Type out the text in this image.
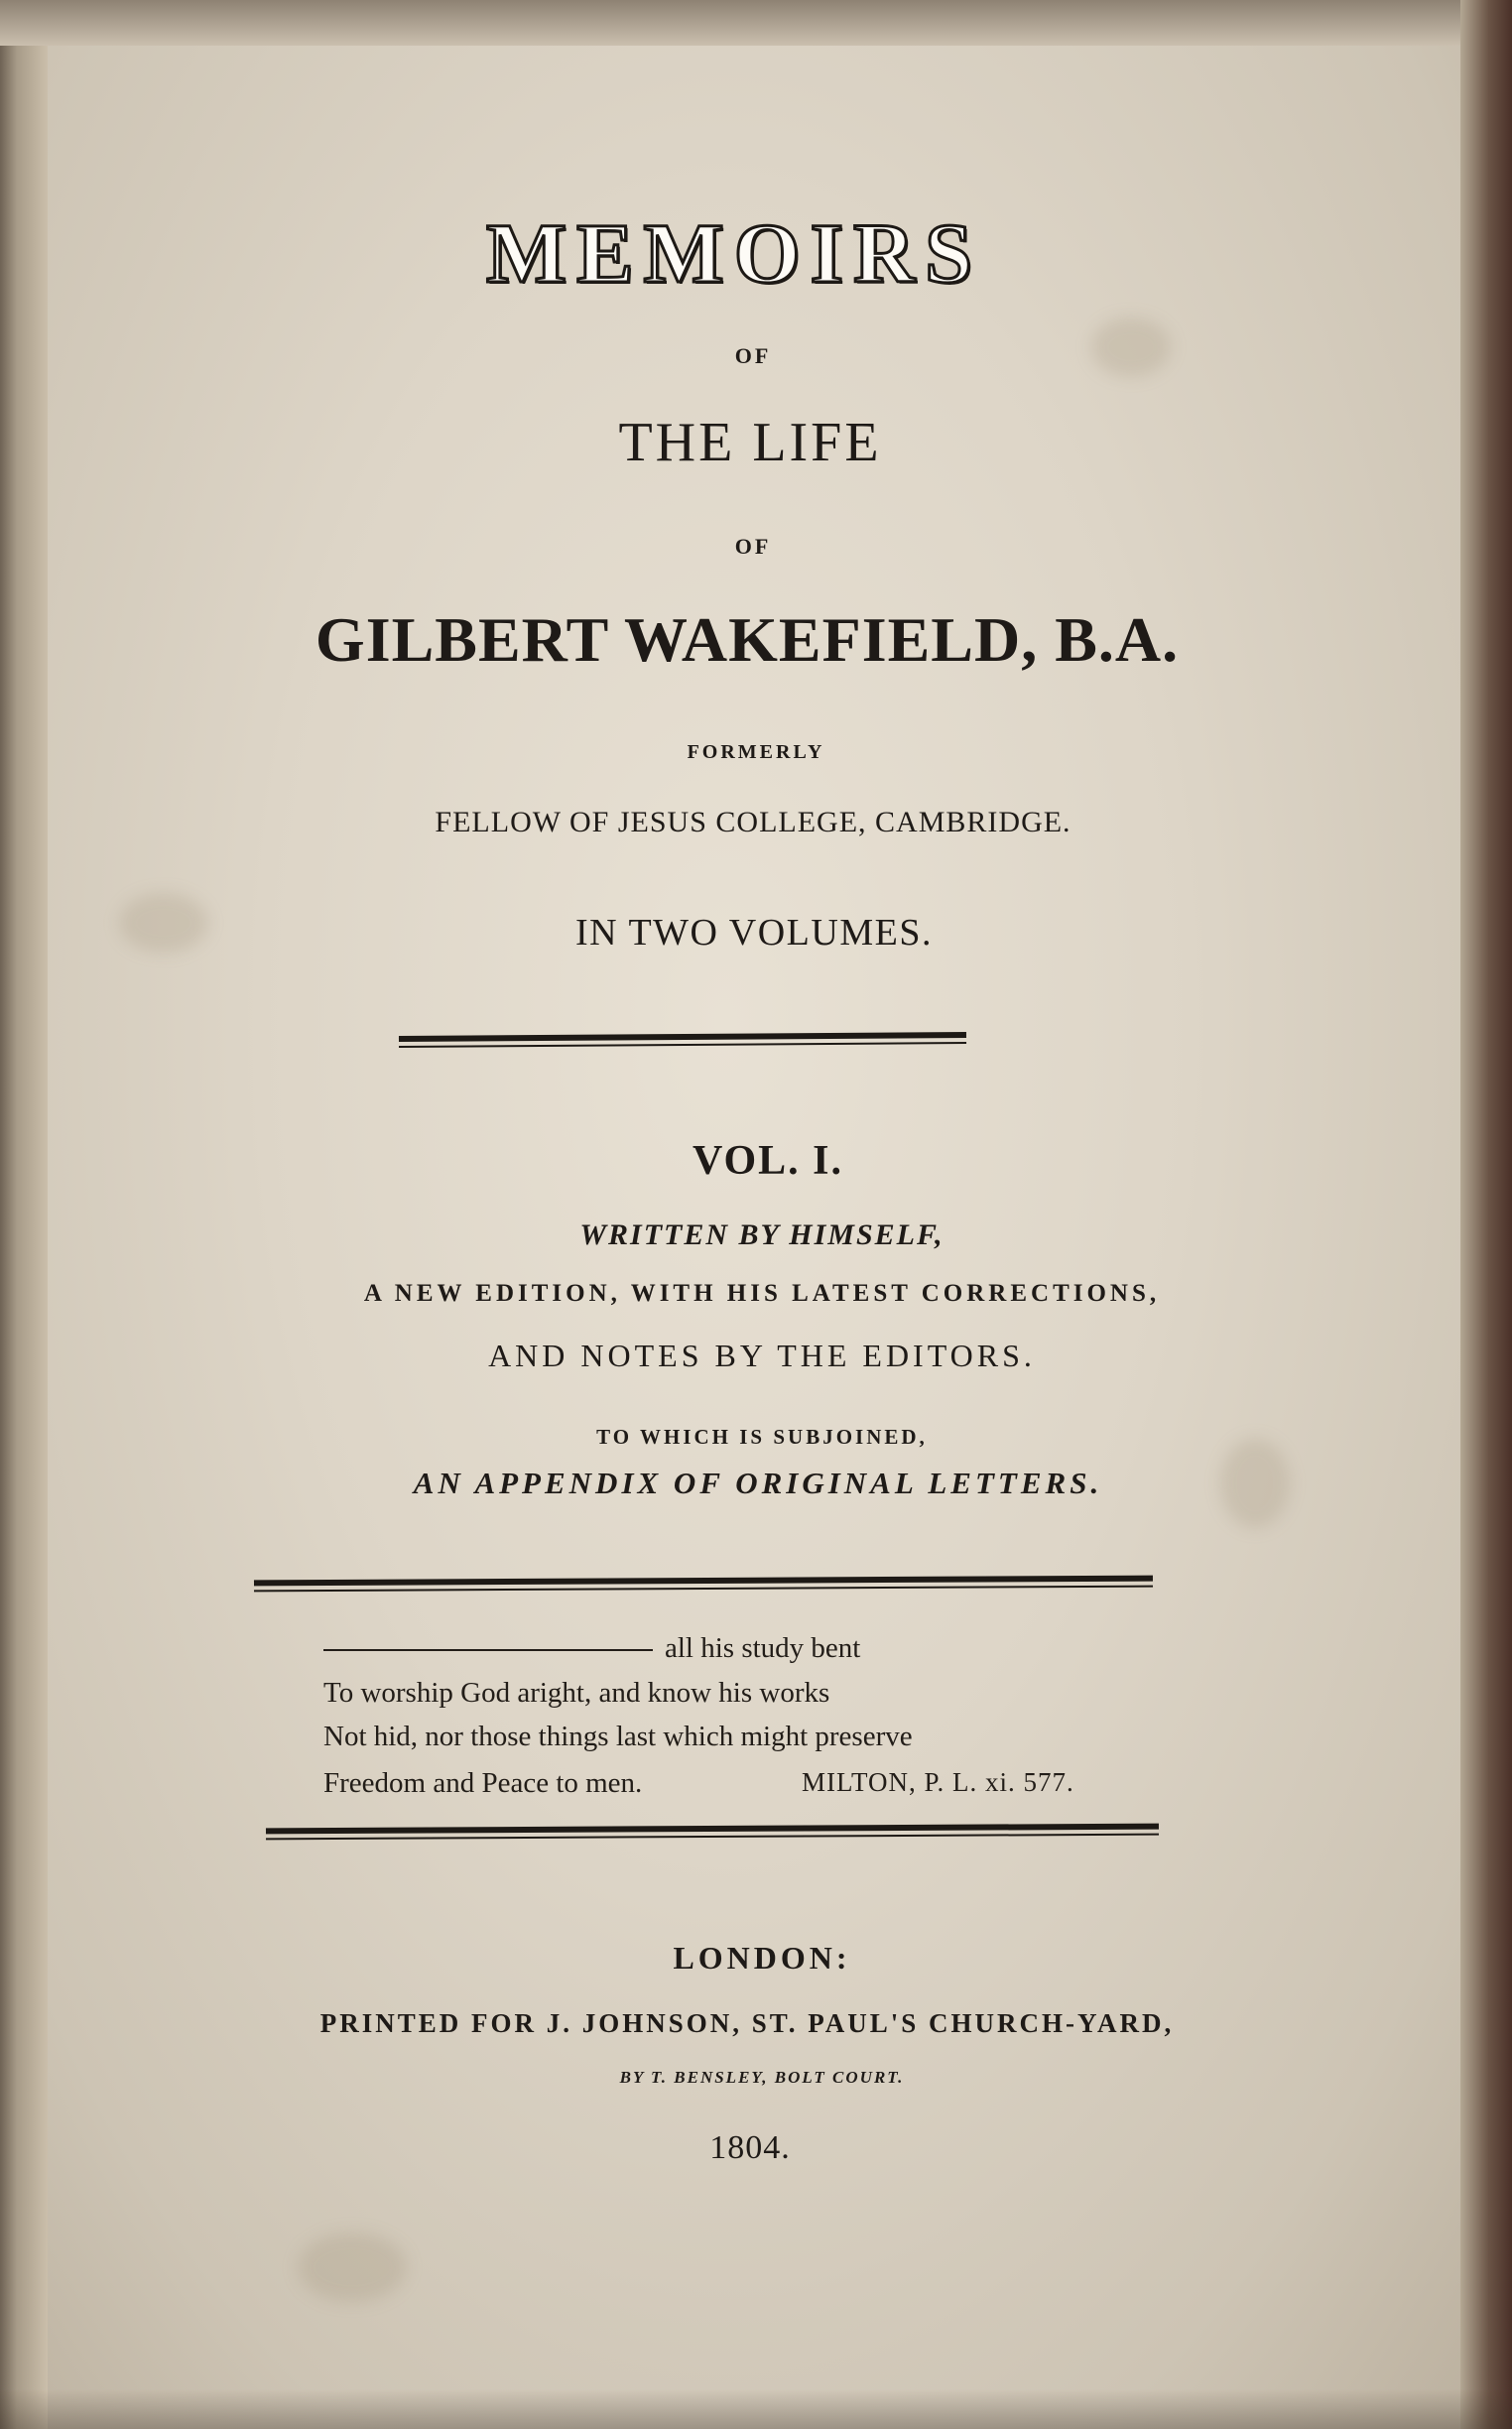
MEMOIRS
OF
THE LIFE
OF
GILBERT WAKEFIELD, B.A.
FORMERLY
FELLOW OF JESUS COLLEGE, CAMBRIDGE.
IN TWO VOLUMES.
VOL. I.
WRITTEN BY HIMSELF,
A NEW EDITION, WITH HIS LATEST CORRECTIONS,
AND NOTES BY THE EDITORS.
TO WHICH IS SUBJOINED,
AN APPENDIX OF ORIGINAL LETTERS.
all his study bent
To worship God aright, and know his works
Not hid, nor those things last which might preserve
Freedom and Peace to men.	MILTON, P. L. xi. 577.
LONDON:
PRINTED FOR J. JOHNSON, ST. PAUL'S CHURCH-YARD,
BY T. BENSLEY, BOLT COURT.
1804.
